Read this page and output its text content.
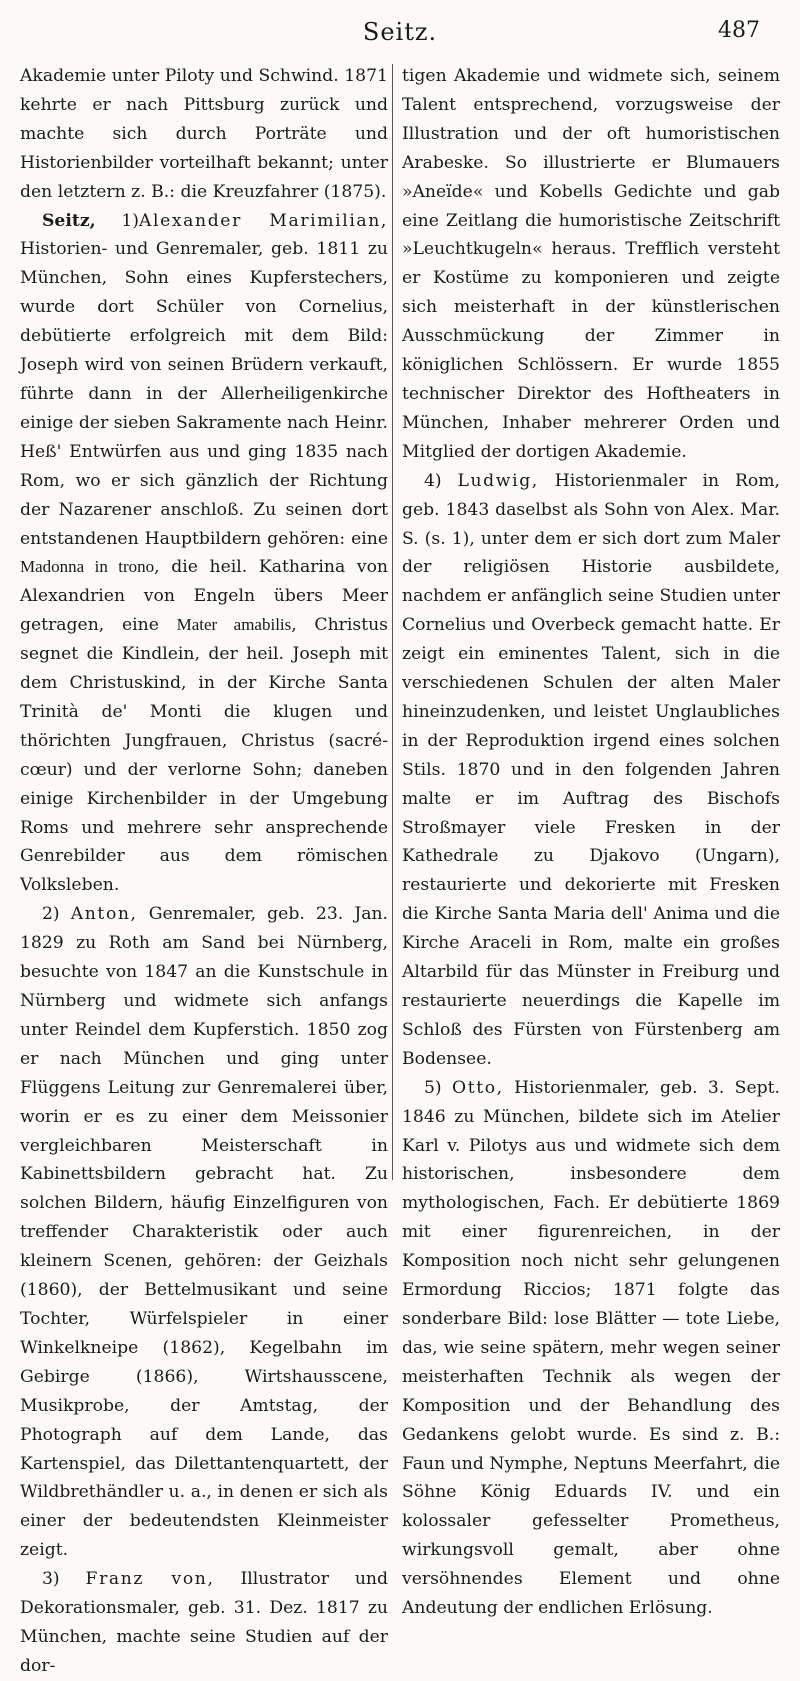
Seitz.	487

Akademie unter Piloty und Schwind. 1871 kehrte er nach Pittsburg zurück und machte sich durch Porträte und Historienbilder vorteilhaft bekannt; unter den letztern z. B.: die Kreuzfahrer (1875).

Seitz, 1)Alexander Marimilian, Historien- und Genremaler, geb. 1811 zu München, Sohn eines Kupferstechers, wurde dort Schüler von Cornelius, debütierte erfolgreich mit dem Bild: Joseph wird von seinen Brüdern verkauft, führte dann in der Allerheiligenkirche einige der sieben Sakramente nach Heinr. Heß' Entwürfen aus und ging 1835 nach Rom, wo er sich gänzlich der Richtung der Nazarener anschloß. Zu seinen dort entstandenen Hauptbildern gehören: eine Madonna in trono, die heil. Katharina von Alexandrien von Engeln übers Meer getragen, eine Mater amabilis, Christus segnet die Kindlein, der heil. Joseph mit dem Christuskind, in der Kirche Santa Trinità de' Monti die klugen und thörichten Jungfrauen, Christus (sacré-cœur) und der verlorne Sohn; daneben einige Kirchenbilder in der Umgebung Roms und mehrere sehr ansprechende Genrebilder aus dem römischen Volksleben.

2) Anton, Genremaler, geb. 23. Jan. 1829 zu Roth am Sand bei Nürnberg, besuchte von 1847 an die Kunstschule in Nürnberg und widmete sich anfangs unter Reindel dem Kupferstich. 1850 zog er nach München und ging unter Flüggens Leitung zur Genremalerei über, worin er es zu einer dem Meissonier vergleichbaren Meisterschaft in Kabinettsbildern gebracht hat. Zu solchen Bildern, häufig Einzelfiguren von treffender Charakteristik oder auch kleinern Scenen, gehören: der Geizhals (1860), der Bettelmusikant und seine Tochter, Würfelspieler in einer Winkelkneipe (1862), Kegelbahn im Gebirge (1866), Wirtshausscene, Musikprobe, der Amtstag, der Photograph auf dem Lande, das Kartenspiel, das Dilettantenquartett, der Wildbrethändler u. a., in denen er sich als einer der bedeutendsten Kleinmeister zeigt.

3) Franz von, Illustrator und Dekorationsmaler, geb. 31. Dez. 1817 zu München, machte seine Studien auf der dor-

tigen Akademie und widmete sich, seinem Talent entsprechend, vorzugsweise der Illustration und der oft humoristischen Arabeske. So illustrierte er Blumauers »Aneïde« und Kobells Gedichte und gab eine Zeitlang die humoristische Zeitschrift »Leuchtkugeln« heraus. Trefflich versteht er Kostüme zu komponieren und zeigte sich meisterhaft in der künstlerischen Ausschmückung der Zimmer in königlichen Schlössern. Er wurde 1855 technischer Direktor des Hoftheaters in München, Inhaber mehrerer Orden und Mitglied der dortigen Akademie.

4) Ludwig, Historienmaler in Rom, geb. 1843 daselbst als Sohn von Alex. Mar. S. (s. 1), unter dem er sich dort zum Maler der religiösen Historie ausbildete, nachdem er anfänglich seine Studien unter Cornelius und Overbeck gemacht hatte. Er zeigt ein eminentes Talent, sich in die verschiedenen Schulen der alten Maler hineinzudenken, und leistet Unglaubliches in der Reproduktion irgend eines solchen Stils. 1870 und in den folgenden Jahren malte er im Auftrag des Bischofs Stroßmayer viele Fresken in der Kathedrale zu Djakovo (Ungarn), restaurierte und dekorierte mit Fresken die Kirche Santa Maria dell' Anima und die Kirche Araceli in Rom, malte ein großes Altarbild für das Münster in Freiburg und restaurierte neuerdings die Kapelle im Schloß des Fürsten von Fürstenberg am Bodensee.

5) Otto, Historienmaler, geb. 3. Sept. 1846 zu München, bildete sich im Atelier Karl v. Pilotys aus und widmete sich dem historischen, insbesondere dem mythologischen, Fach. Er debütierte 1869 mit einer figurenreichen, in der Komposition noch nicht sehr gelungenen Ermordung Riccios; 1871 folgte das sonderbare Bild: lose Blätter — tote Liebe, das, wie seine spätern, mehr wegen seiner meisterhaften Technik als wegen der Komposition und der Behandlung des Gedankens gelobt wurde. Es sind z. B.: Faun und Nymphe, Neptuns Meerfahrt, die Söhne König Eduards IV. und ein kolossaler gefesselter Prometheus, wirkungsvoll gemalt, aber ohne versöhnendes Element und ohne Andeutung der endlichen Erlösung.
